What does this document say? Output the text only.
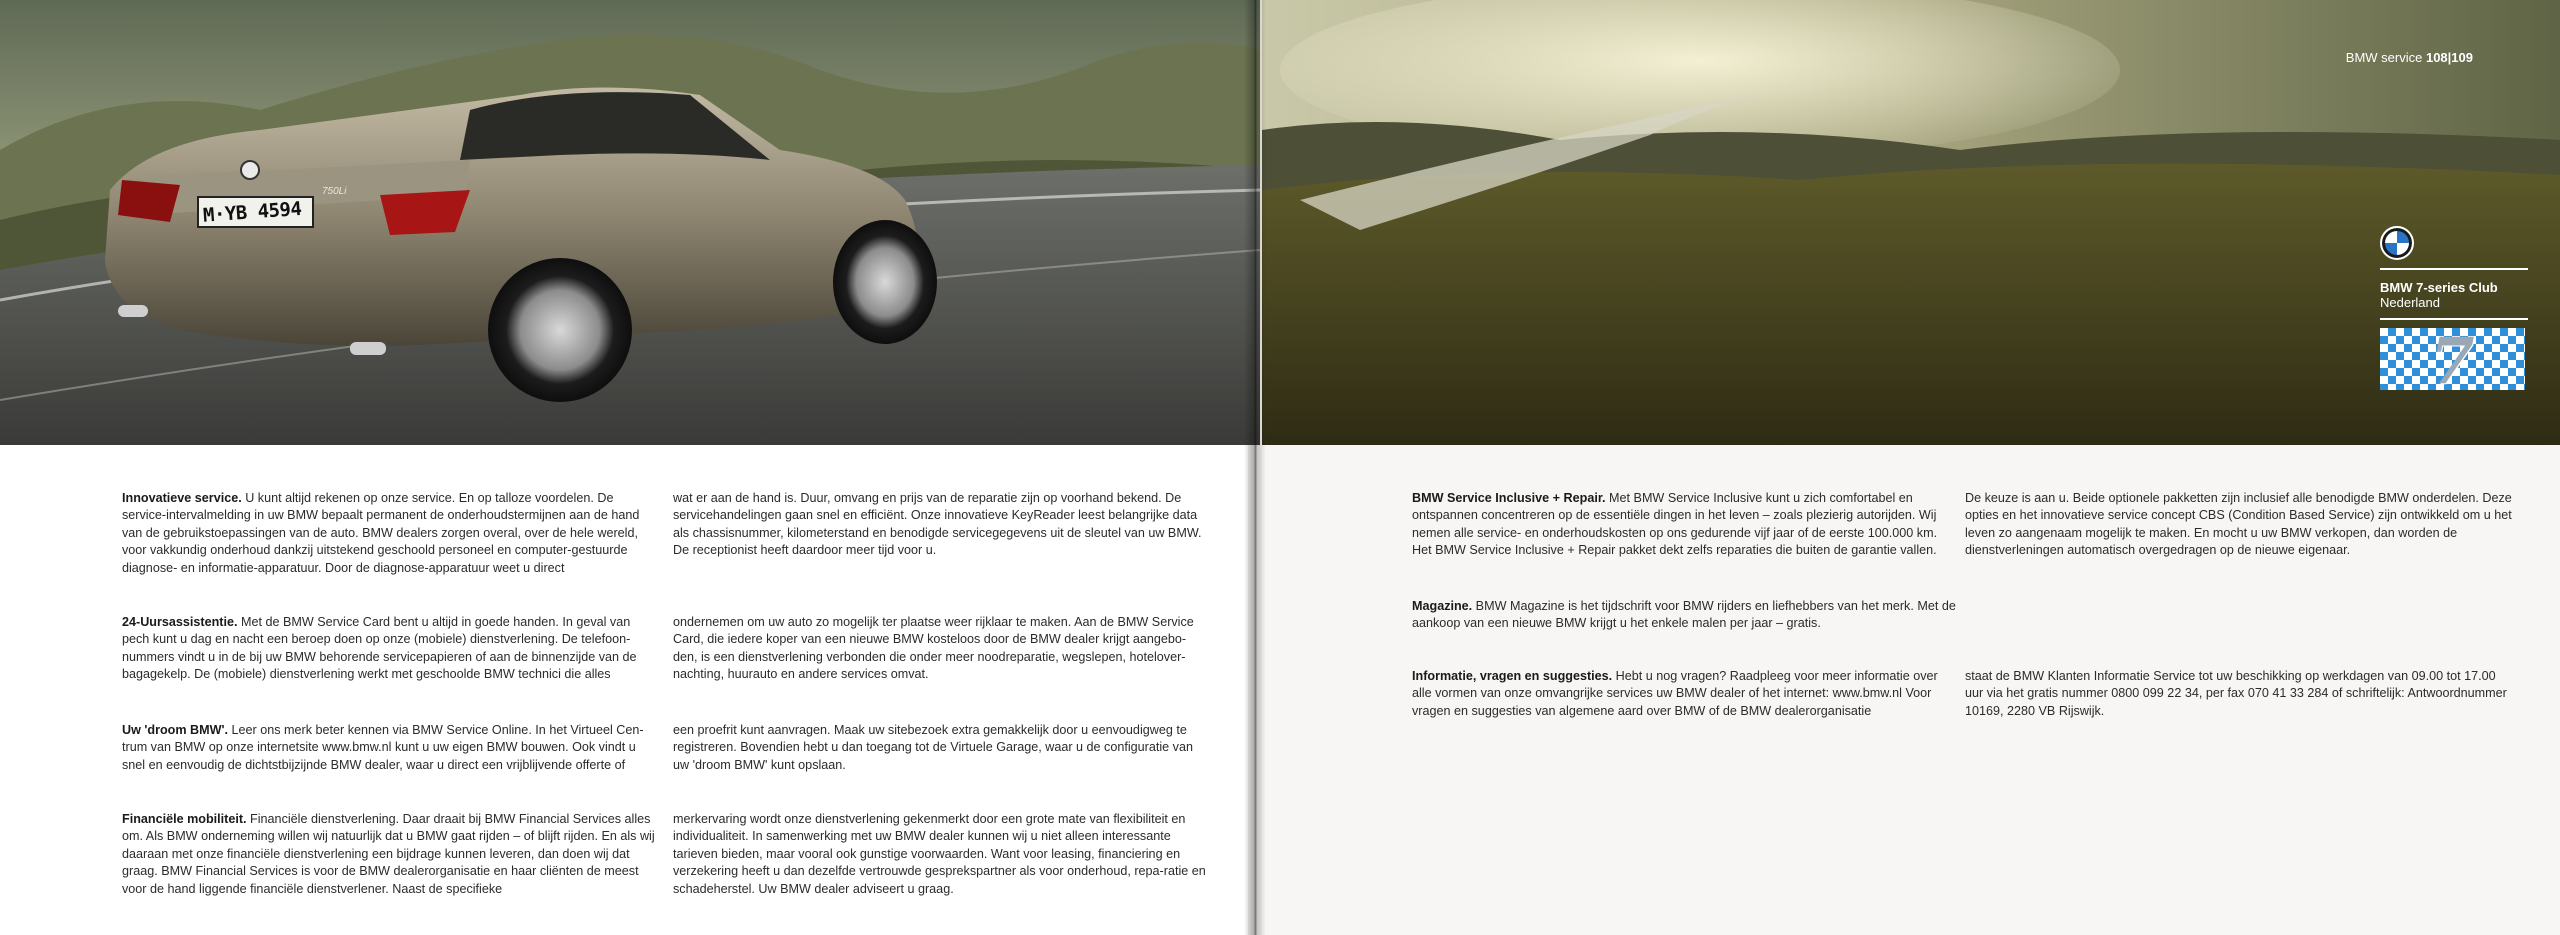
M·YB 4594
750Li
BMW service 108|109
BMW 7-series Club
Nederland
7

Innovatieve service. U kunt altijd rekenen op onze service. En op talloze voordelen. De service-intervalmelding in uw BMW bepaalt permanent de onderhoudstermijnen aan de hand van de gebruikstoepassingen van de auto. BMW dealers zorgen overal, over de hele wereld, voor vakkundig onderhoud dankzij uitstekend geschoold personeel en computer-gestuurde diagnose- en informatie-apparatuur. Door de diagnose-apparatuur weet u direct

wat er aan de hand is. Duur, omvang en prijs van de reparatie zijn op voorhand bekend. De servicehandelingen gaan snel en efficiënt. Onze innovatieve KeyReader leest belangrijke data als chassisnummer, kilometerstand en benodigde servicegegevens uit de sleutel van uw BMW. De receptionist heeft daardoor meer tijd voor u.

24-Uursassistentie. Met de BMW Service Card bent u altijd in goede handen. In geval van pech kunt u dag en nacht een beroep doen op onze (mobiele) dienstverlening. De telefoon-nummers vindt u in de bij uw BMW behorende servicepapieren of aan de binnenzijde van de bagagekelp. De (mobiele) dienstverlening werkt met geschoolde BMW technici die alles

ondernemen om uw auto zo mogelijk ter plaatse weer rijklaar te maken. Aan de BMW Service Card, die iedere koper van een nieuwe BMW kosteloos door de BMW dealer krijgt aangebo-den, is een dienstverlening verbonden die onder meer noodreparatie, wegslepen, hotelover-nachting, huurauto en andere services omvat.

Uw 'droom BMW'. Leer ons merk beter kennen via BMW Service Online. In het Virtueel Cen-trum van BMW op onze internetsite www.bmw.nl kunt u uw eigen BMW bouwen. Ook vindt u snel en eenvoudig de dichtstbijzijnde BMW dealer, waar u direct een vrijblijvende offerte of

een proefrit kunt aanvragen. Maak uw sitebezoek extra gemakkelijk door u eenvoudigweg te registreren. Bovendien hebt u dan toegang tot de Virtuele Garage, waar u de configuratie van uw 'droom BMW' kunt opslaan.

Financiële mobiliteit. Financiële dienstverlening. Daar draait bij BMW Financial Services alles om. Als BMW onderneming willen wij natuurlijk dat u BMW gaat rijden – of blijft rijden. En als wij daaraan met onze financiële dienstverlening een bijdrage kunnen leveren, dan doen wij dat graag. BMW Financial Services is voor de BMW dealerorganisatie en haar cliënten de meest voor de hand liggende financiële dienstverlener. Naast de specifieke

merkervaring wordt onze dienstverlening gekenmerkt door een grote mate van flexibiliteit en individualiteit. In samenwerking met uw BMW dealer kunnen wij u niet alleen interessante tarieven bieden, maar vooral ook gunstige voorwaarden. Want voor leasing, financiering en verzekering heeft u dan dezelfde vertrouwde gesprekspartner als voor onderhoud, repa-ratie en schadeherstel. Uw BMW dealer adviseert u graag.

BMW Service Inclusive + Repair. Met BMW Service Inclusive kunt u zich comfortabel en ontspannen concentreren op de essentiële dingen in het leven – zoals plezierig autorijden. Wij nemen alle service- en onderhoudskosten op ons gedurende vijf jaar of de eerste 100.000 km. Het BMW Service Inclusive + Repair pakket dekt zelfs reparaties die buiten de garantie vallen.

De keuze is aan u. Beide optionele pakketten zijn inclusief alle benodigde BMW onderdelen. Deze opties en het innovatieve service concept CBS (Condition Based Service) zijn ontwikkeld om u het leven zo aangenaam mogelijk te maken. En mocht u uw BMW verkopen, dan worden de dienstverleningen automatisch overgedragen op de nieuwe eigenaar.

Magazine. BMW Magazine is het tijdschrift voor BMW rijders en liefhebbers van het merk. Met de aankoop van een nieuwe BMW krijgt u het enkele malen per jaar – gratis.

Informatie, vragen en suggesties. Hebt u nog vragen? Raadpleeg voor meer informatie over alle vormen van onze omvangrijke services uw BMW dealer of het internet: www.bmw.nl Voor vragen en suggesties van algemene aard over BMW of de BMW dealerorganisatie

staat de BMW Klanten Informatie Service tot uw beschikking op werkdagen van 09.00 tot 17.00 uur via het gratis nummer 0800 099 22 34, per fax 070 41 33 284 of schriftelijk: Antwoordnummer 10169, 2280 VB Rijswijk.
